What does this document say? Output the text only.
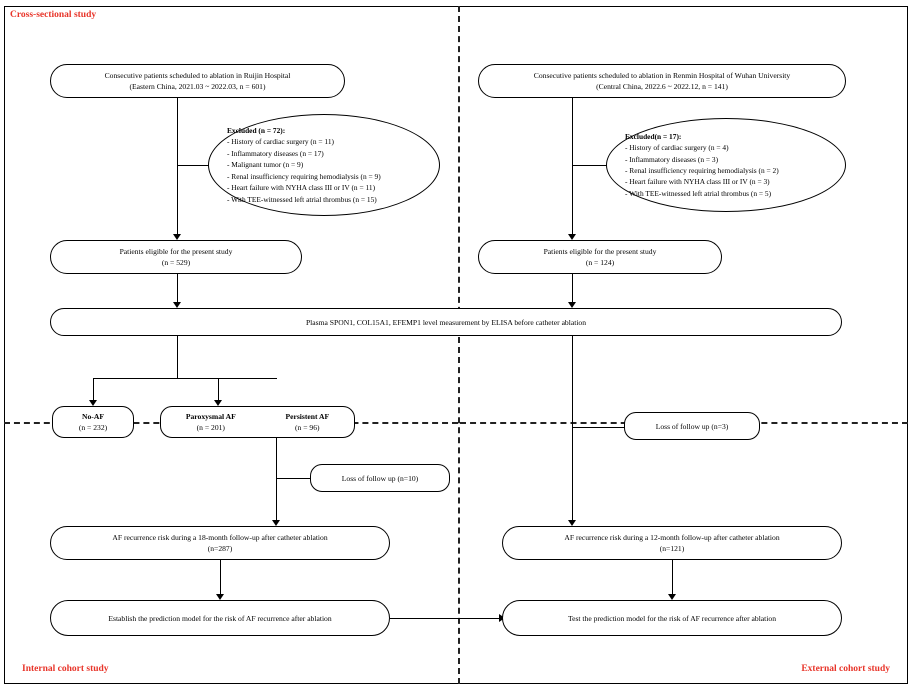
Cross-sectional study
Internal cohort study	External cohort study
Consecutive patients scheduled to ablation in Ruijin Hospital
(Eastern China, 2021.03 ~ 2022.03, n = 601)
Excluded (n = 72):
- History of cardiac surgery (n = 11)
- Inflammatory diseases (n = 17)
- Malignant tumor (n = 9)
- Renal insufficiency requiring hemodialysis (n = 9)
- Heart failure with NYHA class III or IV (n = 11)
- With TEE-witnessed left atrial thrombus (n = 15)
Patients eligible for the present study
(n = 529)
Plasma SPON1, COL15A1, EFEMP1 level measurement by ELISA before catheter ablation
No-AF
(n = 232)
Paroxysmal AF
(n = 201)
Persistent AF
(n = 96)
Loss of follow up (n=10)
AF recurrence risk during a 18-month follow-up after catheter ablation
(n=287)
Establish the prediction model for the risk of AF recurrence after ablation
Consecutive patients scheduled to ablation in Renmin Hospital of Wuhan University
(Central China, 2022.6 ~ 2022.12, n = 141)
Excluded(n = 17):
- History of cardiac surgery (n = 4)
- Inflammatory diseases (n = 3)
- Renal insufficiency requiring hemodialysis (n = 2)
- Heart failure with NYHA class III or IV (n = 3)
- With TEE-witnessed left atrial thrombus (n = 5)
Patients eligible for the present study
(n = 124)
Loss of follow up (n=3)
AF recurrence risk during a 12-month follow-up after catheter ablation
(n=121)
Test the prediction model for the risk of AF recurrence after ablation
